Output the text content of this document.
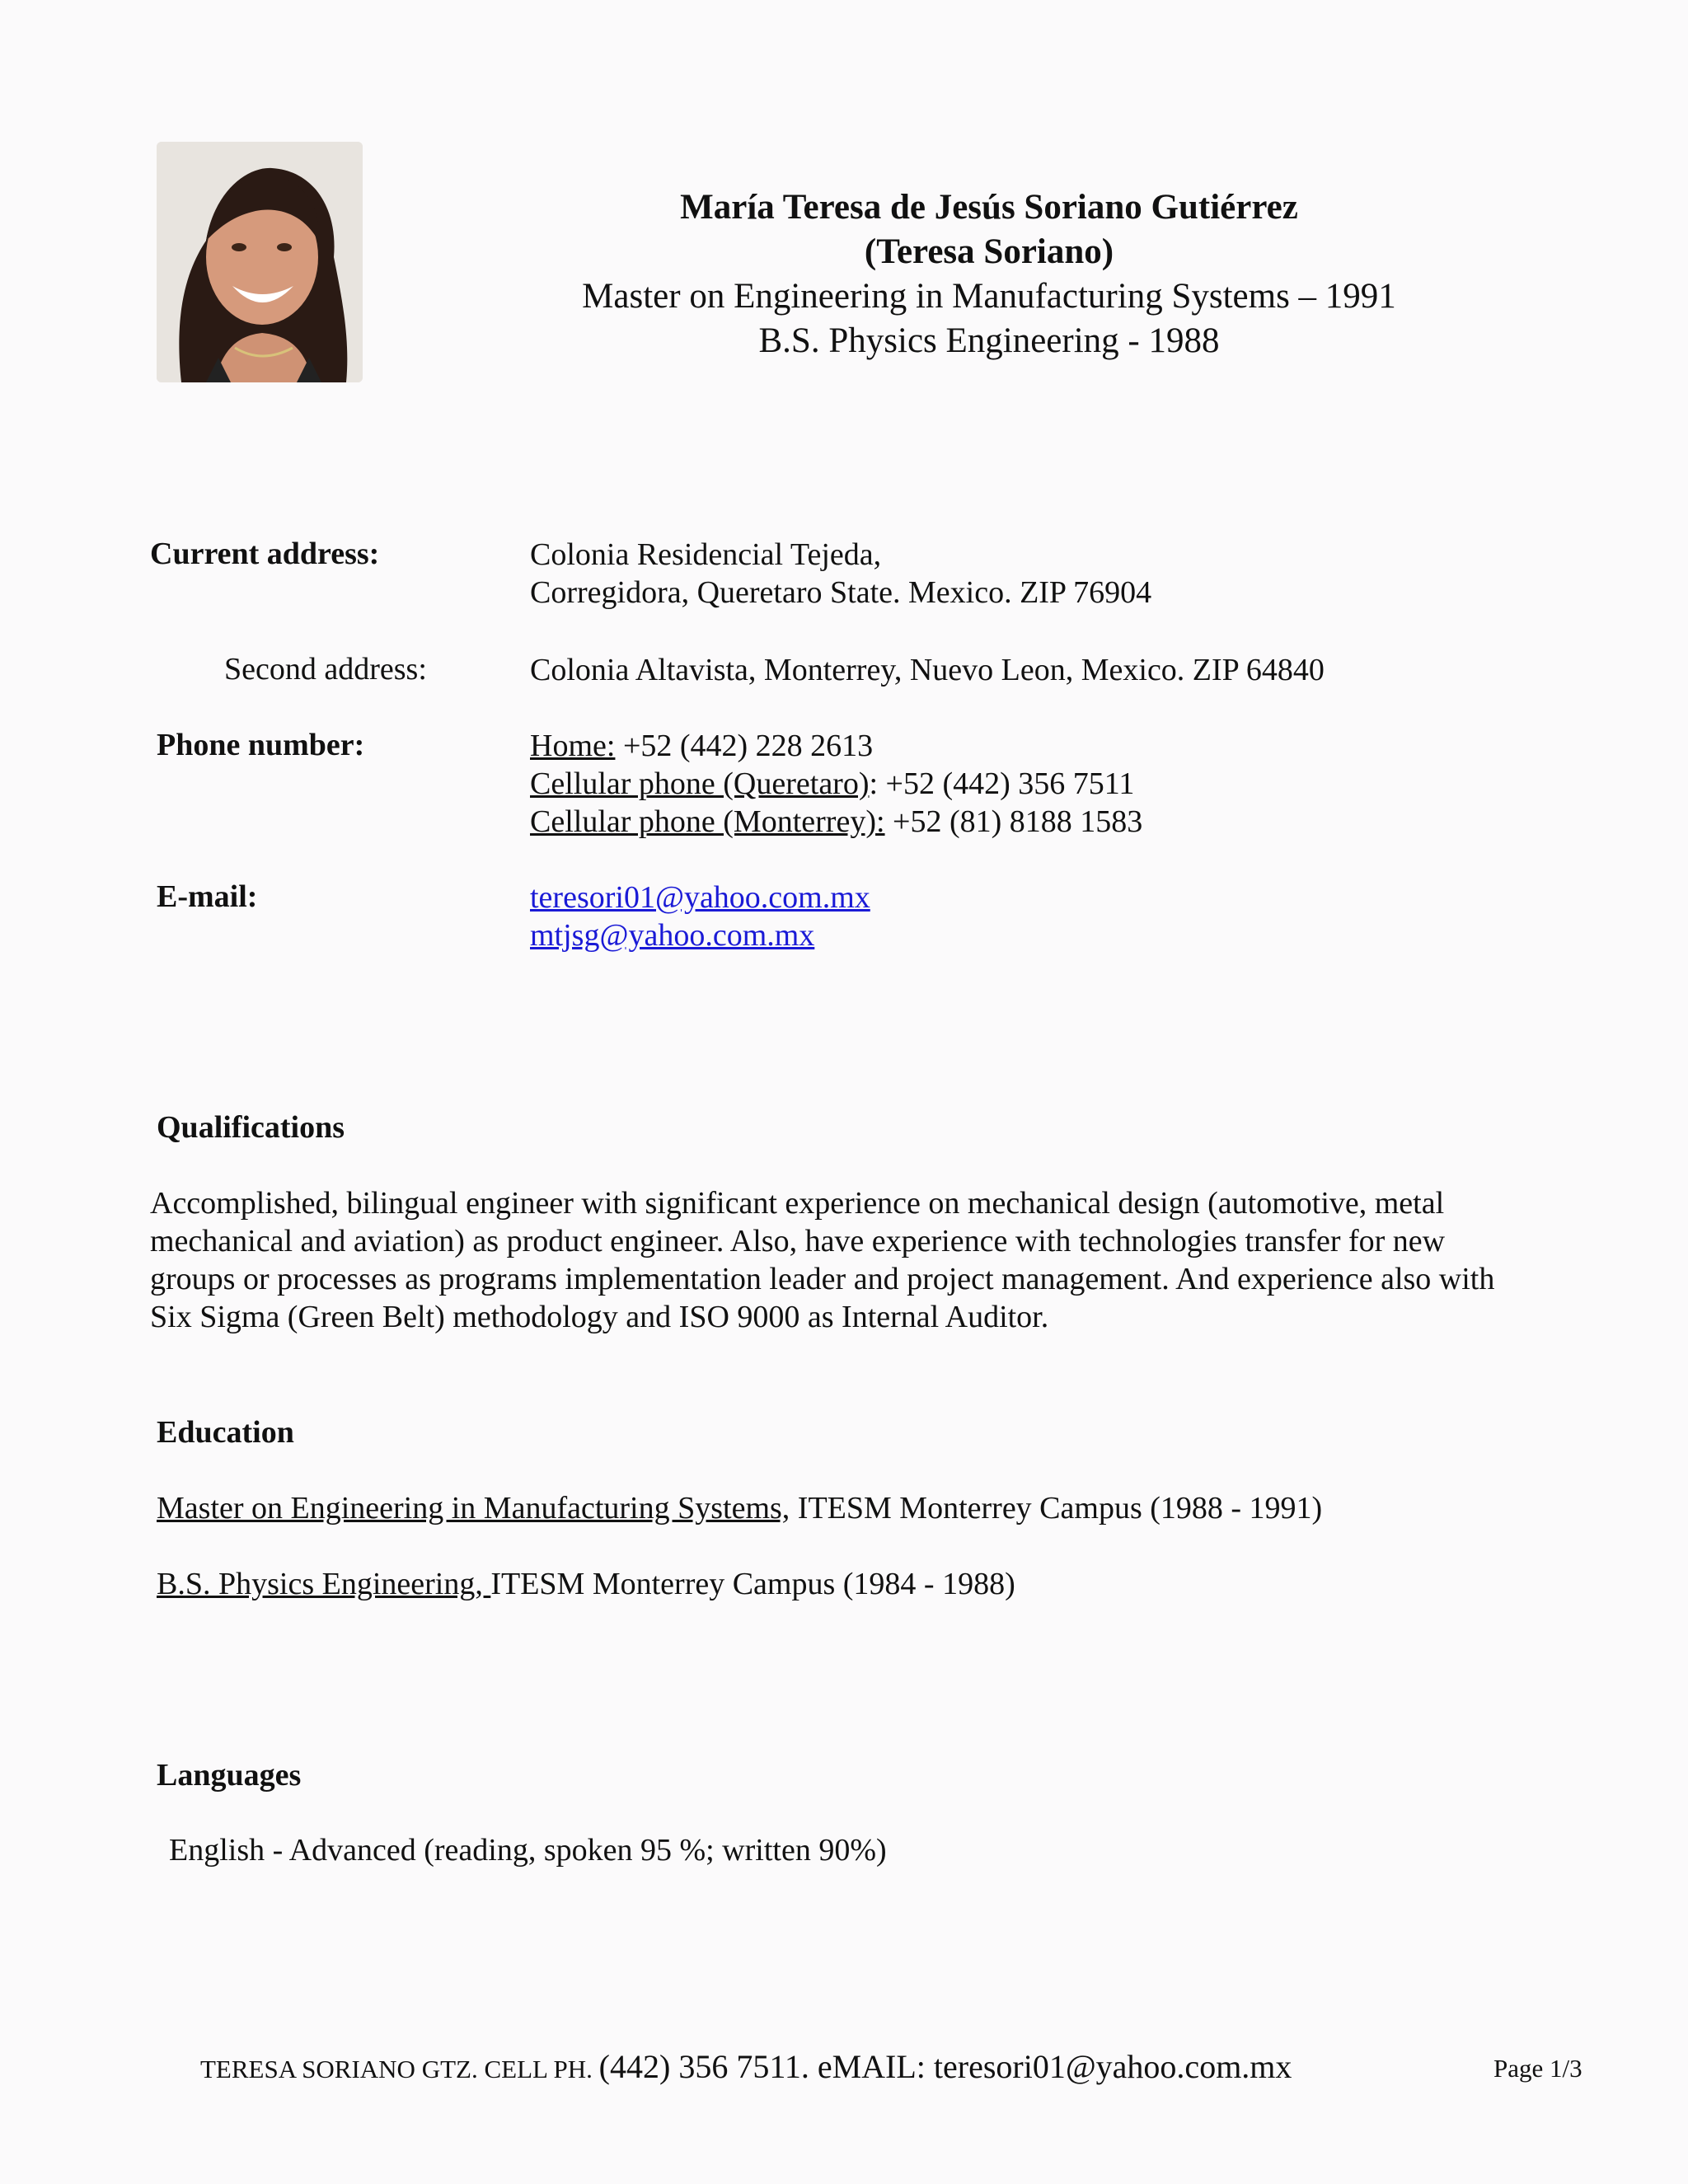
María Teresa de Jesús Soriano Gutiérrez
(Teresa Soriano)
Master on Engineering in Manufacturing Systems – 1991
B.S. Physics Engineering - 1988
Current address:	Colonia Residencial Tejeda,
Corregidora, Queretaro State. Mexico. ZIP 76904
Second address:	Colonia Altavista, Monterrey, Nuevo Leon, Mexico. ZIP 64840
Phone number:	Home: +52 (442) 228 2613
Cellular phone (Queretaro): +52 (442) 356 7511
Cellular phone (Monterrey): +52 (81) 8188 1583
E-mail:	teresori01@yahoo.com.mx
mtjsg@yahoo.com.mx
Qualifications
Accomplished, bilingual engineer with significant experience on mechanical design (automotive, metal
mechanical and aviation) as product engineer. Also, have experience with technologies transfer for new
groups or processes as programs implementation leader and project management. And experience also with
Six Sigma (Green Belt) methodology and ISO 9000 as Internal Auditor.
Education
Master on Engineering in Manufacturing Systems, ITESM Monterrey Campus (1988 - 1991)
B.S. Physics Engineering, ITESM Monterrey Campus (1984 - 1988)
Languages
English - Advanced (reading, spoken 95 %; written 90%)
TERESA SORIANO GTZ. CELL PH. (442) 356 7511. eMAIL: teresori01@yahoo.com.mx	Page 1/3
